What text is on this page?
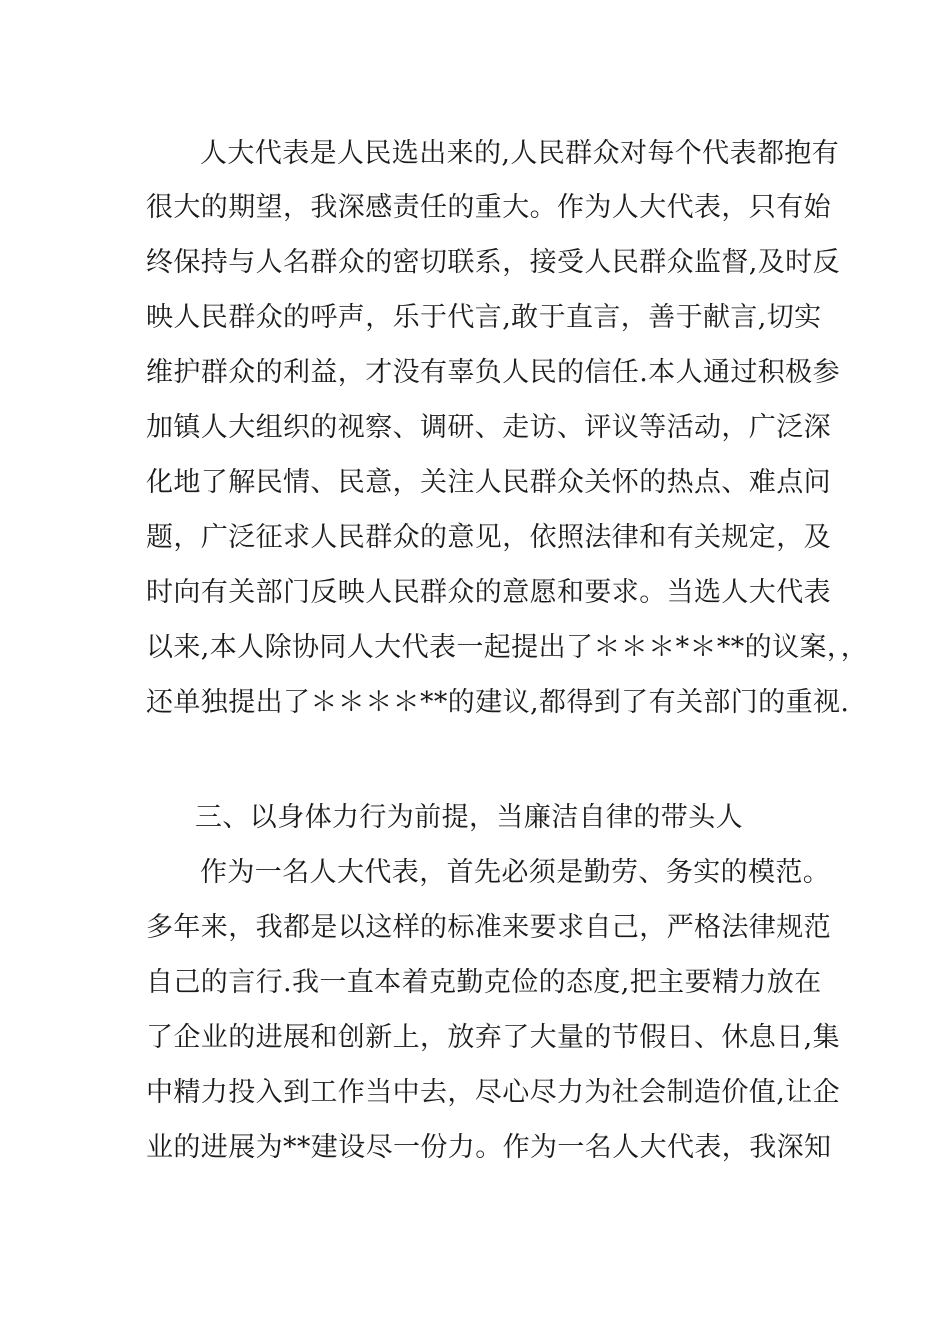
人大代表是人民选出来的,人民群众对每个代表都抱有
很大的期望，我深感责任的重大。作为人大代表，只有始
终保持与人名群众的密切联系，接受人民群众监督,及时反
映人民群众的呼声，乐于代言,敢于直言，善于献言,切实
维护群众的利益，才没有辜负人民的信任.本人通过积极参
加镇人大组织的视察、调研、走访、评议等活动，广泛深
化地了解民情、民意，关注人民群众关怀的热点、难点问
题，广泛征求人民群众的意见，依照法律和有关规定，及
时向有关部门反映人民群众的意愿和要求。当选人大代表
以来,本人除协同人大代表一起提出了＊＊＊*＊**的议案，，
还单独提出了＊＊＊＊**的建议,都得到了有关部门的重视.
三、以身体力行为前提，当廉洁自律的带头人
作为一名人大代表，首先必须是勤劳、务实的模范。
多年来，我都是以这样的标准来要求自己，严格法律规范
自己的言行.我一直本着克勤克俭的态度,把主要精力放在
了企业的进展和创新上，放弃了大量的节假日、休息日,集
中精力投入到工作当中去，尽心尽力为社会制造价值,让企
业的进展为**建设尽一份力。作为一名人大代表，我深知
